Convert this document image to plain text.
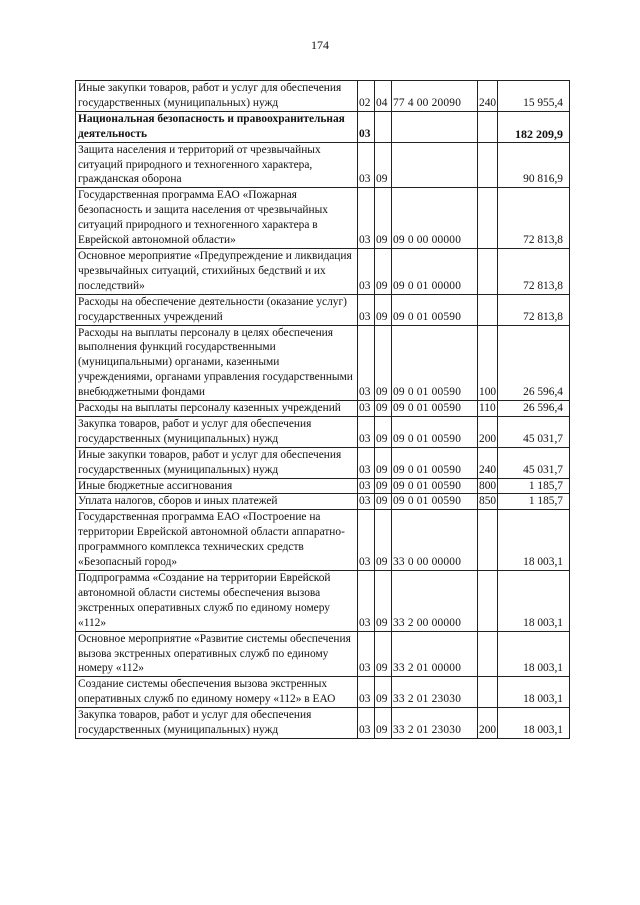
174
Иные закупки товаров, работ и услуг для обеспечения государственных (муниципальных) нужд	02	04	77 4 00 20090	240	15 955,4
Национальная безопасность и правоохранительная деятельность	03				182 209,9
Защита населения и территорий от чрезвычайных ситуаций природного и техногенного характера, гражданская оборона	03	09			90 816,9
Государственная программа ЕАО «Пожарная безопасность и защита населения от чрезвычайных ситуаций природного и техногенного характера в Еврейской автономной области»	03	09	09 0 00 00000		72 813,8
Основное мероприятие «Предупреждение и ликвидация чрезвычайных ситуаций, стихийных бедствий и их последствий»	03	09	09 0 01 00000		72 813,8
Расходы на обеспечение деятельности (оказание услуг) государственных учреждений	03	09	09 0 01 00590		72 813,8
Расходы на выплаты персоналу в целях обеспечения выполнения функций государственными (муниципальными) органами, казенными учреждениями, органами управления государственными внебюджетными фондами	03	09	09 0 01 00590	100	26 596,4
Расходы на выплаты персоналу казенных учреждений	03	09	09 0 01 00590	110	26 596,4
Закупка товаров, работ и услуг для обеспечения государственных (муниципальных) нужд	03	09	09 0 01 00590	200	45 031,7
Иные закупки товаров, работ и услуг для обеспечения государственных (муниципальных) нужд	03	09	09 0 01 00590	240	45 031,7
Иные бюджетные ассигнования	03	09	09 0 01 00590	800	1 185,7
Уплата налогов, сборов и иных платежей	03	09	09 0 01 00590	850	1 185,7
Государственная программа ЕАО «Построение на территории Еврейской автономной области аппаратно-программного комплекса технических средств «Безопасный город»	03	09	33 0 00 00000		18 003,1
Подпрограмма «Создание на территории Еврейской автономной области системы обеспечения вызова экстренных оперативных служб по единому номеру «112»	03	09	33 2 00 00000		18 003,1
Основное мероприятие «Развитие системы обеспечения вызова экстренных оперативных служб по единому номеру «112»	03	09	33 2 01 00000		18 003,1
Создание системы обеспечения вызова экстренных оперативных служб по единому номеру «112» в ЕАО	03	09	33 2 01 23030		18 003,1
Закупка товаров, работ и услуг для обеспечения государственных (муниципальных) нужд	03	09	33 2 01 23030	200	18 003,1
